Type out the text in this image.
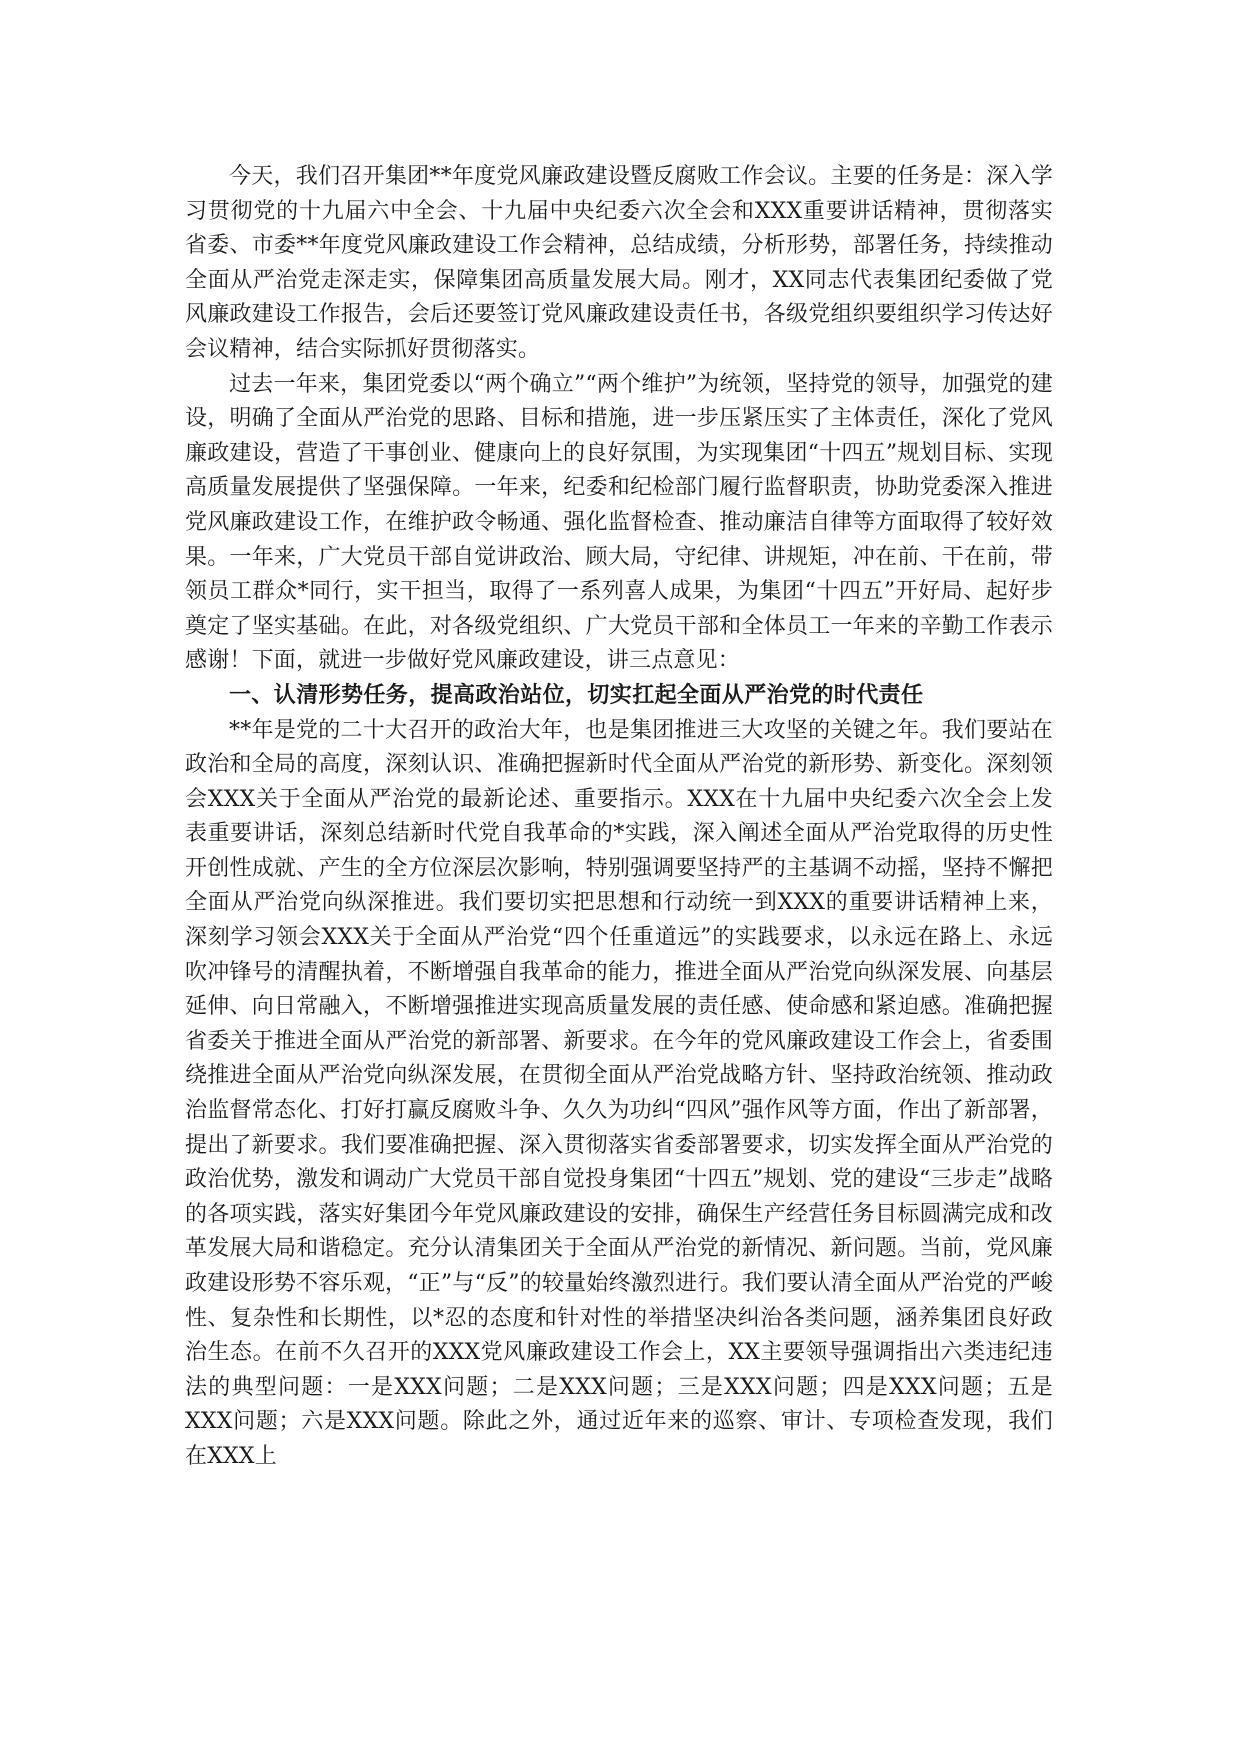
今天，我们召开集团**年度党风廉政建设暨反腐败工作会议。主要的任务是：深入学习贯彻党的十九届六中全会、十九届中央纪委六次全会和XXX重要讲话精神，贯彻落实省委、市委**年度党风廉政建设工作会精神，总结成绩，分析形势，部署任务，持续推动全面从严治党走深走实，保障集团高质量发展大局。刚才，XX同志代表集团纪委做了党风廉政建设工作报告，会后还要签订党风廉政建设责任书，各级党组织要组织学习传达好会议精神，结合实际抓好贯彻落实。

过去一年来，集团党委以“两个确立”“两个维护”为统领，坚持党的领导，加强党的建设，明确了全面从严治党的思路、目标和措施，进一步压紧压实了主体责任，深化了党风廉政建设，营造了干事创业、健康向上的良好氛围，为实现集团“十四五”规划目标、实现高质量发展提供了坚强保障。一年来，纪委和纪检部门履行监督职责，协助党委深入推进党风廉政建设工作，在维护政令畅通、强化监督检查、推动廉洁自律等方面取得了较好效果。一年来，广大党员干部自觉讲政治、顾大局，守纪律、讲规矩，冲在前、干在前，带领员工群众*同行，实干担当，取得了一系列喜人成果，为集团“十四五”开好局、起好步奠定了坚实基础。在此，对各级党组织、广大党员干部和全体员工一年来的辛勤工作表示感谢！下面，就进一步做好党风廉政建设，讲三点意见：

一、认清形势任务，提高政治站位，切实扛起全面从严治党的时代责任

**年是党的二十大召开的政治大年，也是集团推进三大攻坚的关键之年。我们要站在政治和全局的高度，深刻认识、准确把握新时代全面从严治党的新形势、新变化。深刻领会XXX关于全面从严治党的最新论述、重要指示。XXX在十九届中央纪委六次全会上发表重要讲话，深刻总结新时代党自我革命的*实践，深入阐述全面从严治党取得的历史性开创性成就、产生的全方位深层次影响，特别强调要坚持严的主基调不动摇，坚持不懈把全面从严治党向纵深推进。我们要切实把思想和行动统一到XXX的重要讲话精神上来，深刻学习领会XXX关于全面从严治党“四个任重道远”的实践要求，以永远在路上、永远吹冲锋号的清醒执着，不断增强自我革命的能力，推进全面从严治党向纵深发展、向基层延伸、向日常融入，不断增强推进实现高质量发展的责任感、使命感和紧迫感。准确把握省委关于推进全面从严治党的新部署、新要求。在今年的党风廉政建设工作会上，省委围绕推进全面从严治党向纵深发展，在贯彻全面从严治党战略方针、坚持政治统领、推动政治监督常态化、打好打赢反腐败斗争、久久为功纠“四风”强作风等方面，作出了新部署，提出了新要求。我们要准确把握、深入贯彻落实省委部署要求，切实发挥全面从严治党的政治优势，激发和调动广大党员干部自觉投身集团“十四五”规划、党的建设“三步走”战略的各项实践，落实好集团今年党风廉政建设的安排，确保生产经营任务目标圆满完成和改革发展大局和谐稳定。充分认清集团关于全面从严治党的新情况、新问题。当前，党风廉政建设形势不容乐观，“正”与“反”的较量始终激烈进行。我们要认清全面从严治党的严峻性、复杂性和长期性，以*忍的态度和针对性的举措坚决纠治各类问题，涵养集团良好政治生态。在前不久召开的XXX党风廉政建设工作会上，XX主要领导强调指出六类违纪违法的典型问题：一是XXX问题；二是XXX问题；三是XXX问题；四是XXX问题；五是XXX问题；六是XXX问题。除此之外，通过近年来的巡察、审计、专项检查发现，我们在XXX上
